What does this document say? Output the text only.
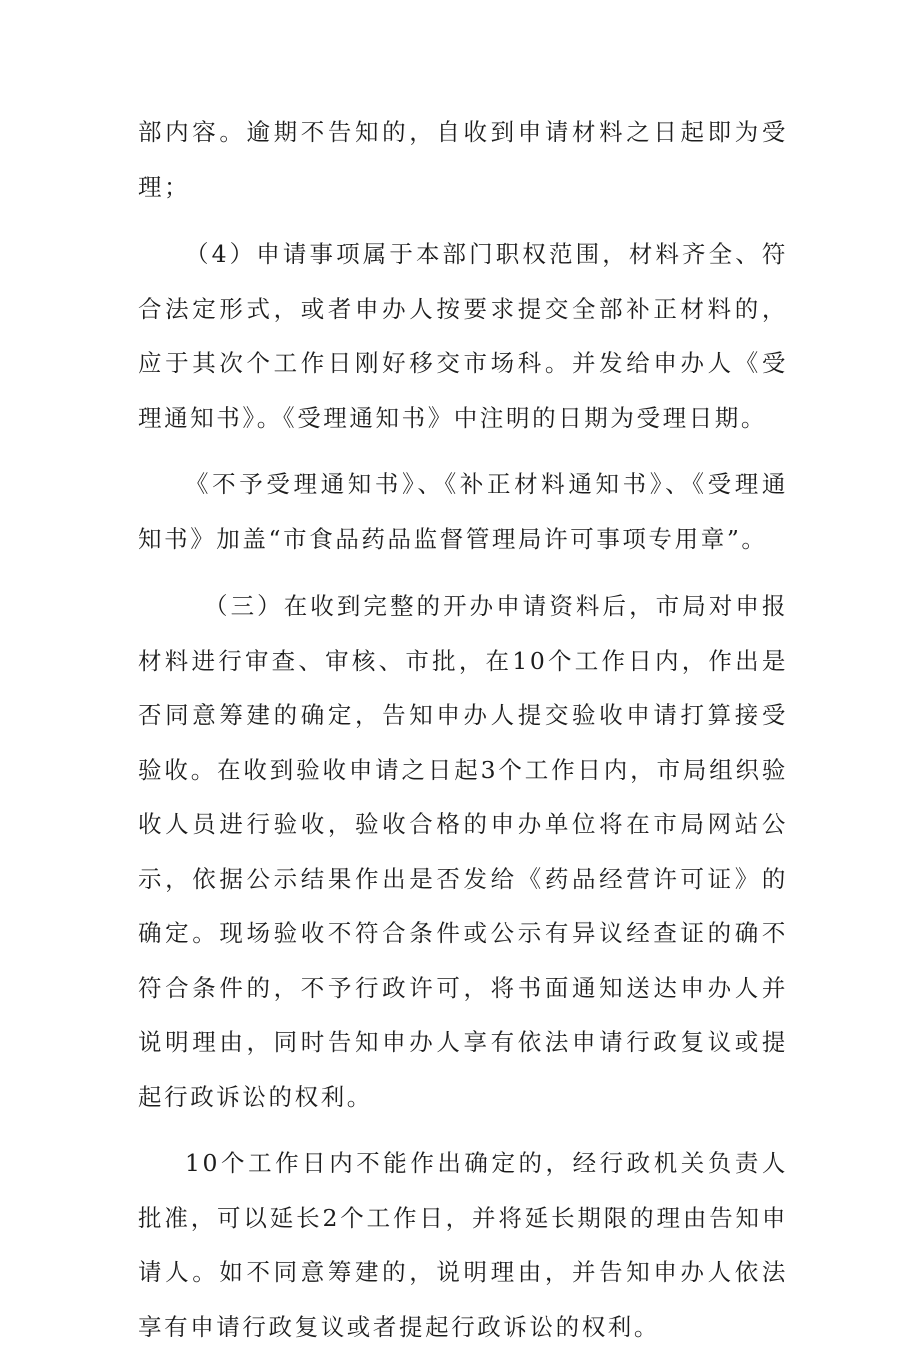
部内容。逾期不告知的，自收到申请材料之日起即为受理；

（4）申请事项属于本部门职权范围，材料齐全、符合法定形式，或者申办人按要求提交全部补正材料的，应于其次个工作日刚好移交市场科。并发给申办人《受理通知书》。《受理通知书》中注明的日期为受理日期。

《不予受理通知书》、《补正材料通知书》、《受理通知书》加盖“市食品药品监督管理局许可事项专用章”。

（三）在收到完整的开办申请资料后，市局对申报材料进行审查、审核、市批，在10个工作日内，作出是否同意筹建的确定，告知申办人提交验收申请打算接受验收。在收到验收申请之日起3个工作日内，市局组织验收人员进行验收，验收合格的申办单位将在市局网站公示，依据公示结果作出是否发给《药品经营许可证》的确定。现场验收不符合条件或公示有异议经查证的确不符合条件的，不予行政许可，将书面通知送达申办人并说明理由，同时告知申办人享有依法申请行政复议或提起行政诉讼的权利。

10个工作日内不能作出确定的，经行政机关负责人批准，可以延长2个工作日，并将延长期限的理由告知申请人。如不同意筹建的，说明理由，并告知申办人依法享有申请行政复议或者提起行政诉讼的权利。
